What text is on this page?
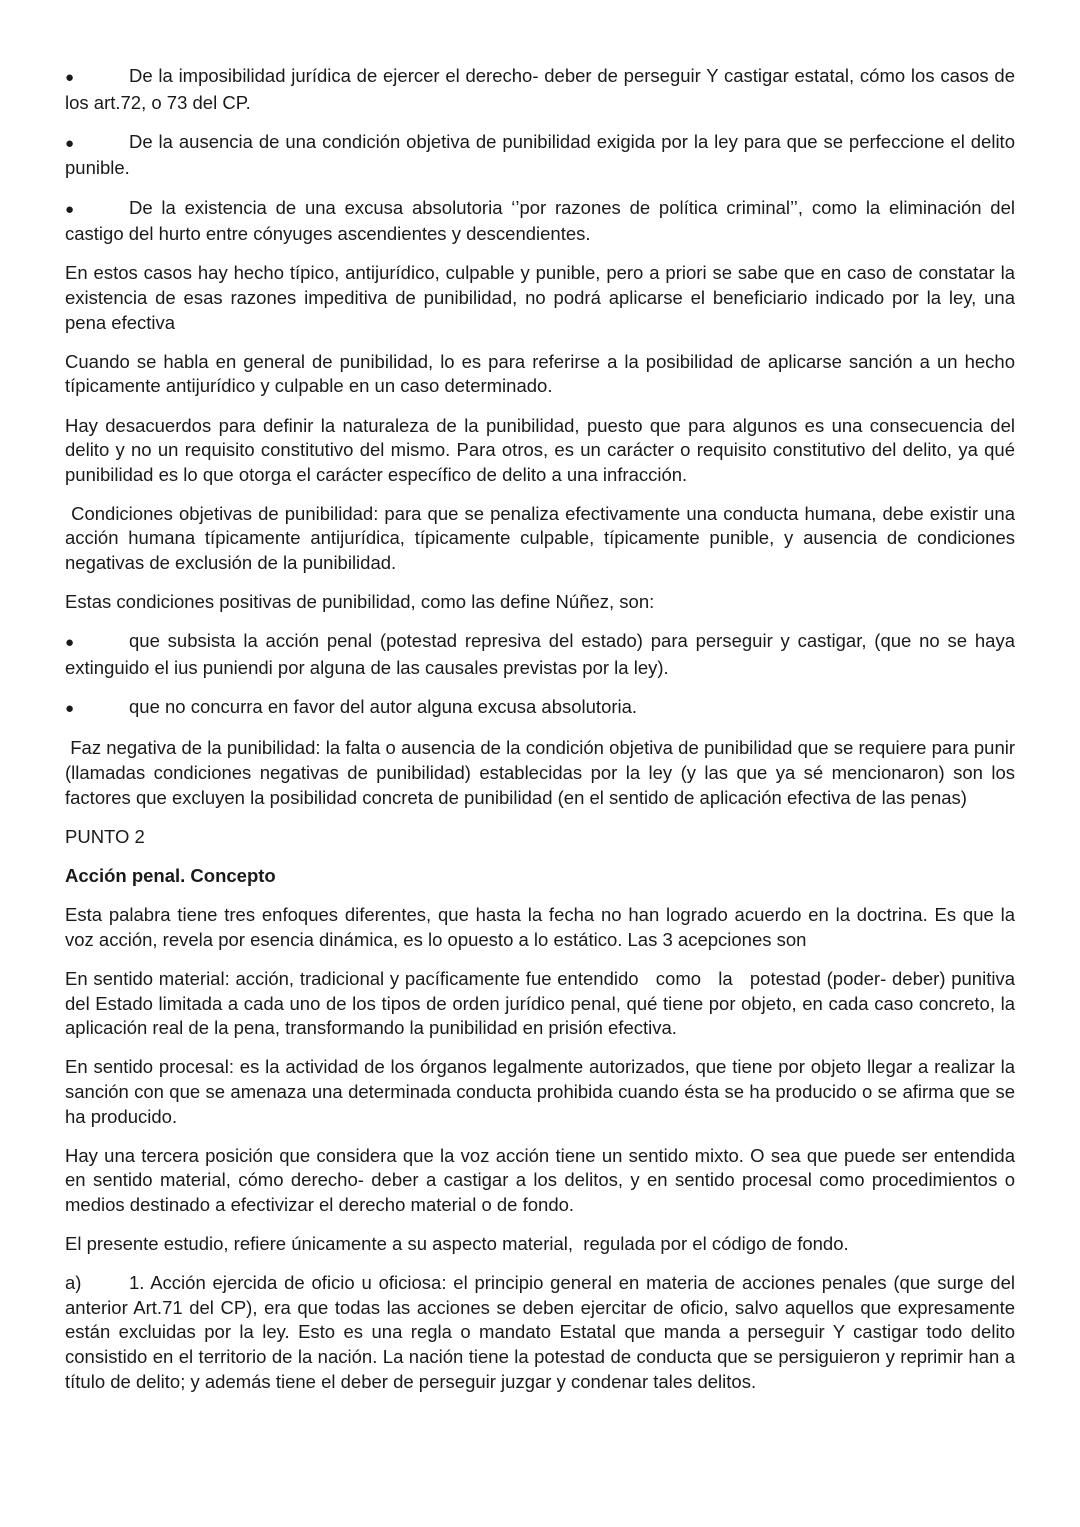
●	De la imposibilidad jurídica de ejercer el derecho- deber de perseguir Y castigar estatal, cómo los casos de los art.72, o 73 del CP.

●	De la ausencia de una condición objetiva de punibilidad exigida por la ley para que se perfeccione el delito punible.

●	De la existencia de una excusa absolutoria ‘’por razones de política criminal’’, como la eliminación del castigo del hurto entre cónyuges ascendientes y descendientes.

En estos casos hay hecho típico, antijurídico, culpable y punible, pero a priori se sabe que en caso de constatar la existencia de esas razones impeditiva de punibilidad, no podrá aplicarse el beneficiario indicado por la ley, una pena efectiva

Cuando se habla en general de punibilidad, lo es para referirse a la posibilidad de aplicarse sanción a un hecho típicamente antijurídico y culpable en un caso determinado.

Hay desacuerdos para definir la naturaleza de la punibilidad, puesto que para algunos es una consecuencia del delito y no un requisito constitutivo del mismo. Para otros, es un carácter o requisito constitutivo del delito, ya qué punibilidad es lo que otorga el carácter específico de delito a una infracción.

Condiciones objetivas de punibilidad: para que se penaliza efectivamente una conducta humana, debe existir una acción humana típicamente antijurídica, típicamente culpable, típicamente punible, y ausencia de condiciones negativas de exclusión de la punibilidad.

Estas condiciones positivas de punibilidad, como las define Núñez, son:

●	que subsista la acción penal (potestad represiva del estado) para perseguir y castigar, (que no se haya extinguido el ius puniendi por alguna de las causales previstas por la ley).

●	que no concurra en favor del autor alguna excusa absolutoria.

Faz negativa de la punibilidad: la falta o ausencia de la condición objetiva de punibilidad que se requiere para punir (llamadas condiciones negativas de punibilidad) establecidas por la ley (y las que ya sé mencionaron) son los factores que excluyen la posibilidad concreta de punibilidad (en el sentido de aplicación efectiva de las penas)

PUNTO 2

Acción penal. Concepto

Esta palabra tiene tres enfoques diferentes, que hasta la fecha no han logrado acuerdo en la doctrina. Es que la voz acción, revela por esencia dinámica, es lo opuesto a lo estático. Las 3 acepciones son

En sentido material: acción, tradicional y pacíficamente fue entendido   como   la   potestad (poder- deber) punitiva del Estado limitada a cada uno de los tipos de orden jurídico penal, qué tiene por objeto, en cada caso concreto, la aplicación real de la pena, transformando la punibilidad en prisión efectiva.

En sentido procesal: es la actividad de los órganos legalmente autorizados, que tiene por objeto llegar a realizar la sanción con que se amenaza una determinada conducta prohibida cuando ésta se ha producido o se afirma que se ha producido.

Hay una tercera posición que considera que la voz acción tiene un sentido mixto. O sea que puede ser entendida en sentido material, cómo derecho- deber a castigar a los delitos, y en sentido procesal como procedimientos o medios destinado a efectivizar el derecho material o de fondo.

El presente estudio, refiere únicamente a su aspecto material,  regulada por el código de fondo.

a)	1. Acción ejercida de oficio u oficiosa: el principio general en materia de acciones penales (que surge del anterior Art.71 del CP), era que todas las acciones se deben ejercitar de oficio, salvo aquellos que expresamente están excluidas por la ley. Esto es una regla o mandato Estatal que manda a perseguir Y castigar todo delito consistido en el territorio de la nación. La nación tiene la potestad de conducta que se persiguieron y reprimir han a título de delito; y además tiene el deber de perseguir juzgar y condenar tales delitos.
